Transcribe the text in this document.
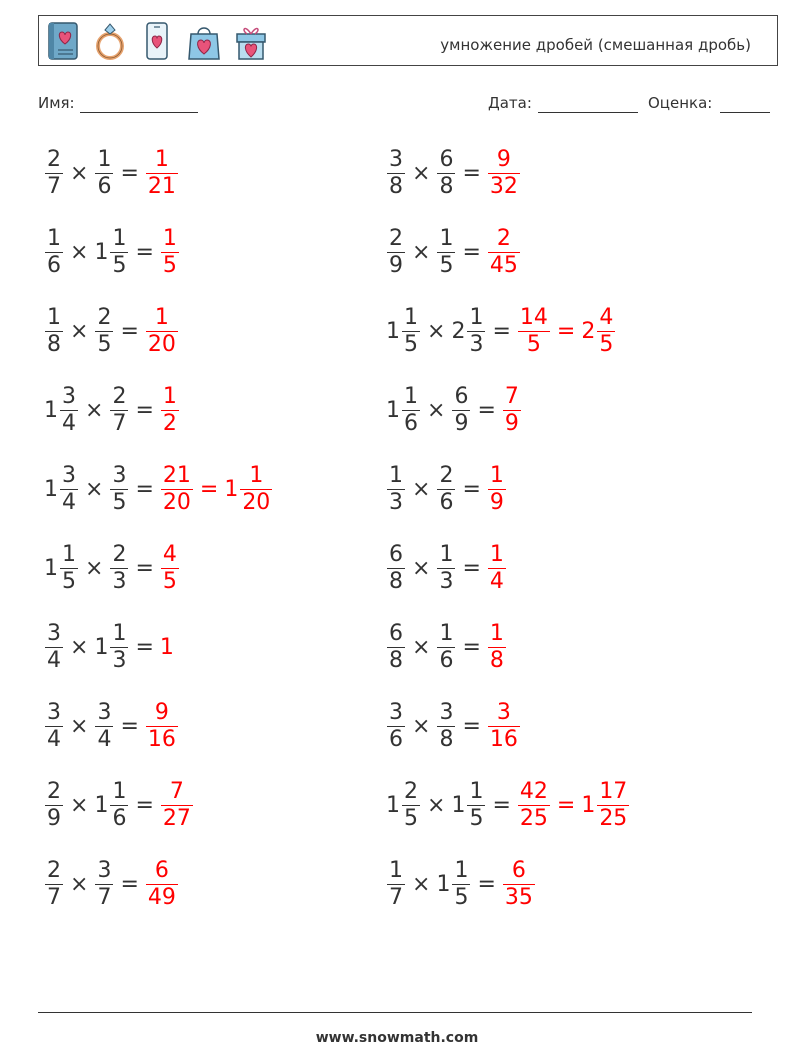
умножение дробей (смешанная дробь)
Имя:	Дата:	Оценка:
$\frac{2}{7} \times \frac{1}{6} = \frac{1}{21}$	$\frac{3}{8} \times \frac{6}{8} = \frac{9}{32}$
$\frac{1}{6} \times 1 \frac{1}{5} = \frac{1}{5}$	$\frac{2}{9} \times \frac{1}{5} = \frac{2}{45}$
$\frac{1}{8} \times \frac{2}{5} = \frac{1}{20}$	$1 \frac{1}{5} \times 2 \frac{1}{3} = \frac{14}{5} = 2 \frac{4}{5}$
$1 \frac{3}{4} \times \frac{2}{7} = \frac{1}{2}$	$1 \frac{1}{6} \times \frac{6}{9} = \frac{7}{9}$
$1 \frac{3}{4} \times \frac{3}{5} = \frac{21}{20} = 1 \frac{1}{20}$	$\frac{1}{3} \times \frac{2}{6} = \frac{1}{9}$
$1 \frac{1}{5} \times \frac{2}{3} = \frac{4}{5}$	$\frac{6}{8} \times \frac{1}{3} = \frac{1}{4}$
$\frac{3}{4} \times 1 \frac{1}{3} = 1$	$\frac{6}{8} \times \frac{1}{6} = \frac{1}{8}$
$\frac{3}{4} \times \frac{3}{4} = \frac{9}{16}$	$\frac{3}{6} \times \frac{3}{8} = \frac{3}{16}$
$\frac{2}{9} \times 1 \frac{1}{6} = \frac{7}{27}$	$1 \frac{2}{5} \times 1 \frac{1}{5} = \frac{42}{25} = 1 \frac{17}{25}$
$\frac{2}{7} \times \frac{3}{7} = \frac{6}{49}$	$\frac{1}{7} \times 1 \frac{1}{5} = \frac{6}{35}$
www.snowmath.com
